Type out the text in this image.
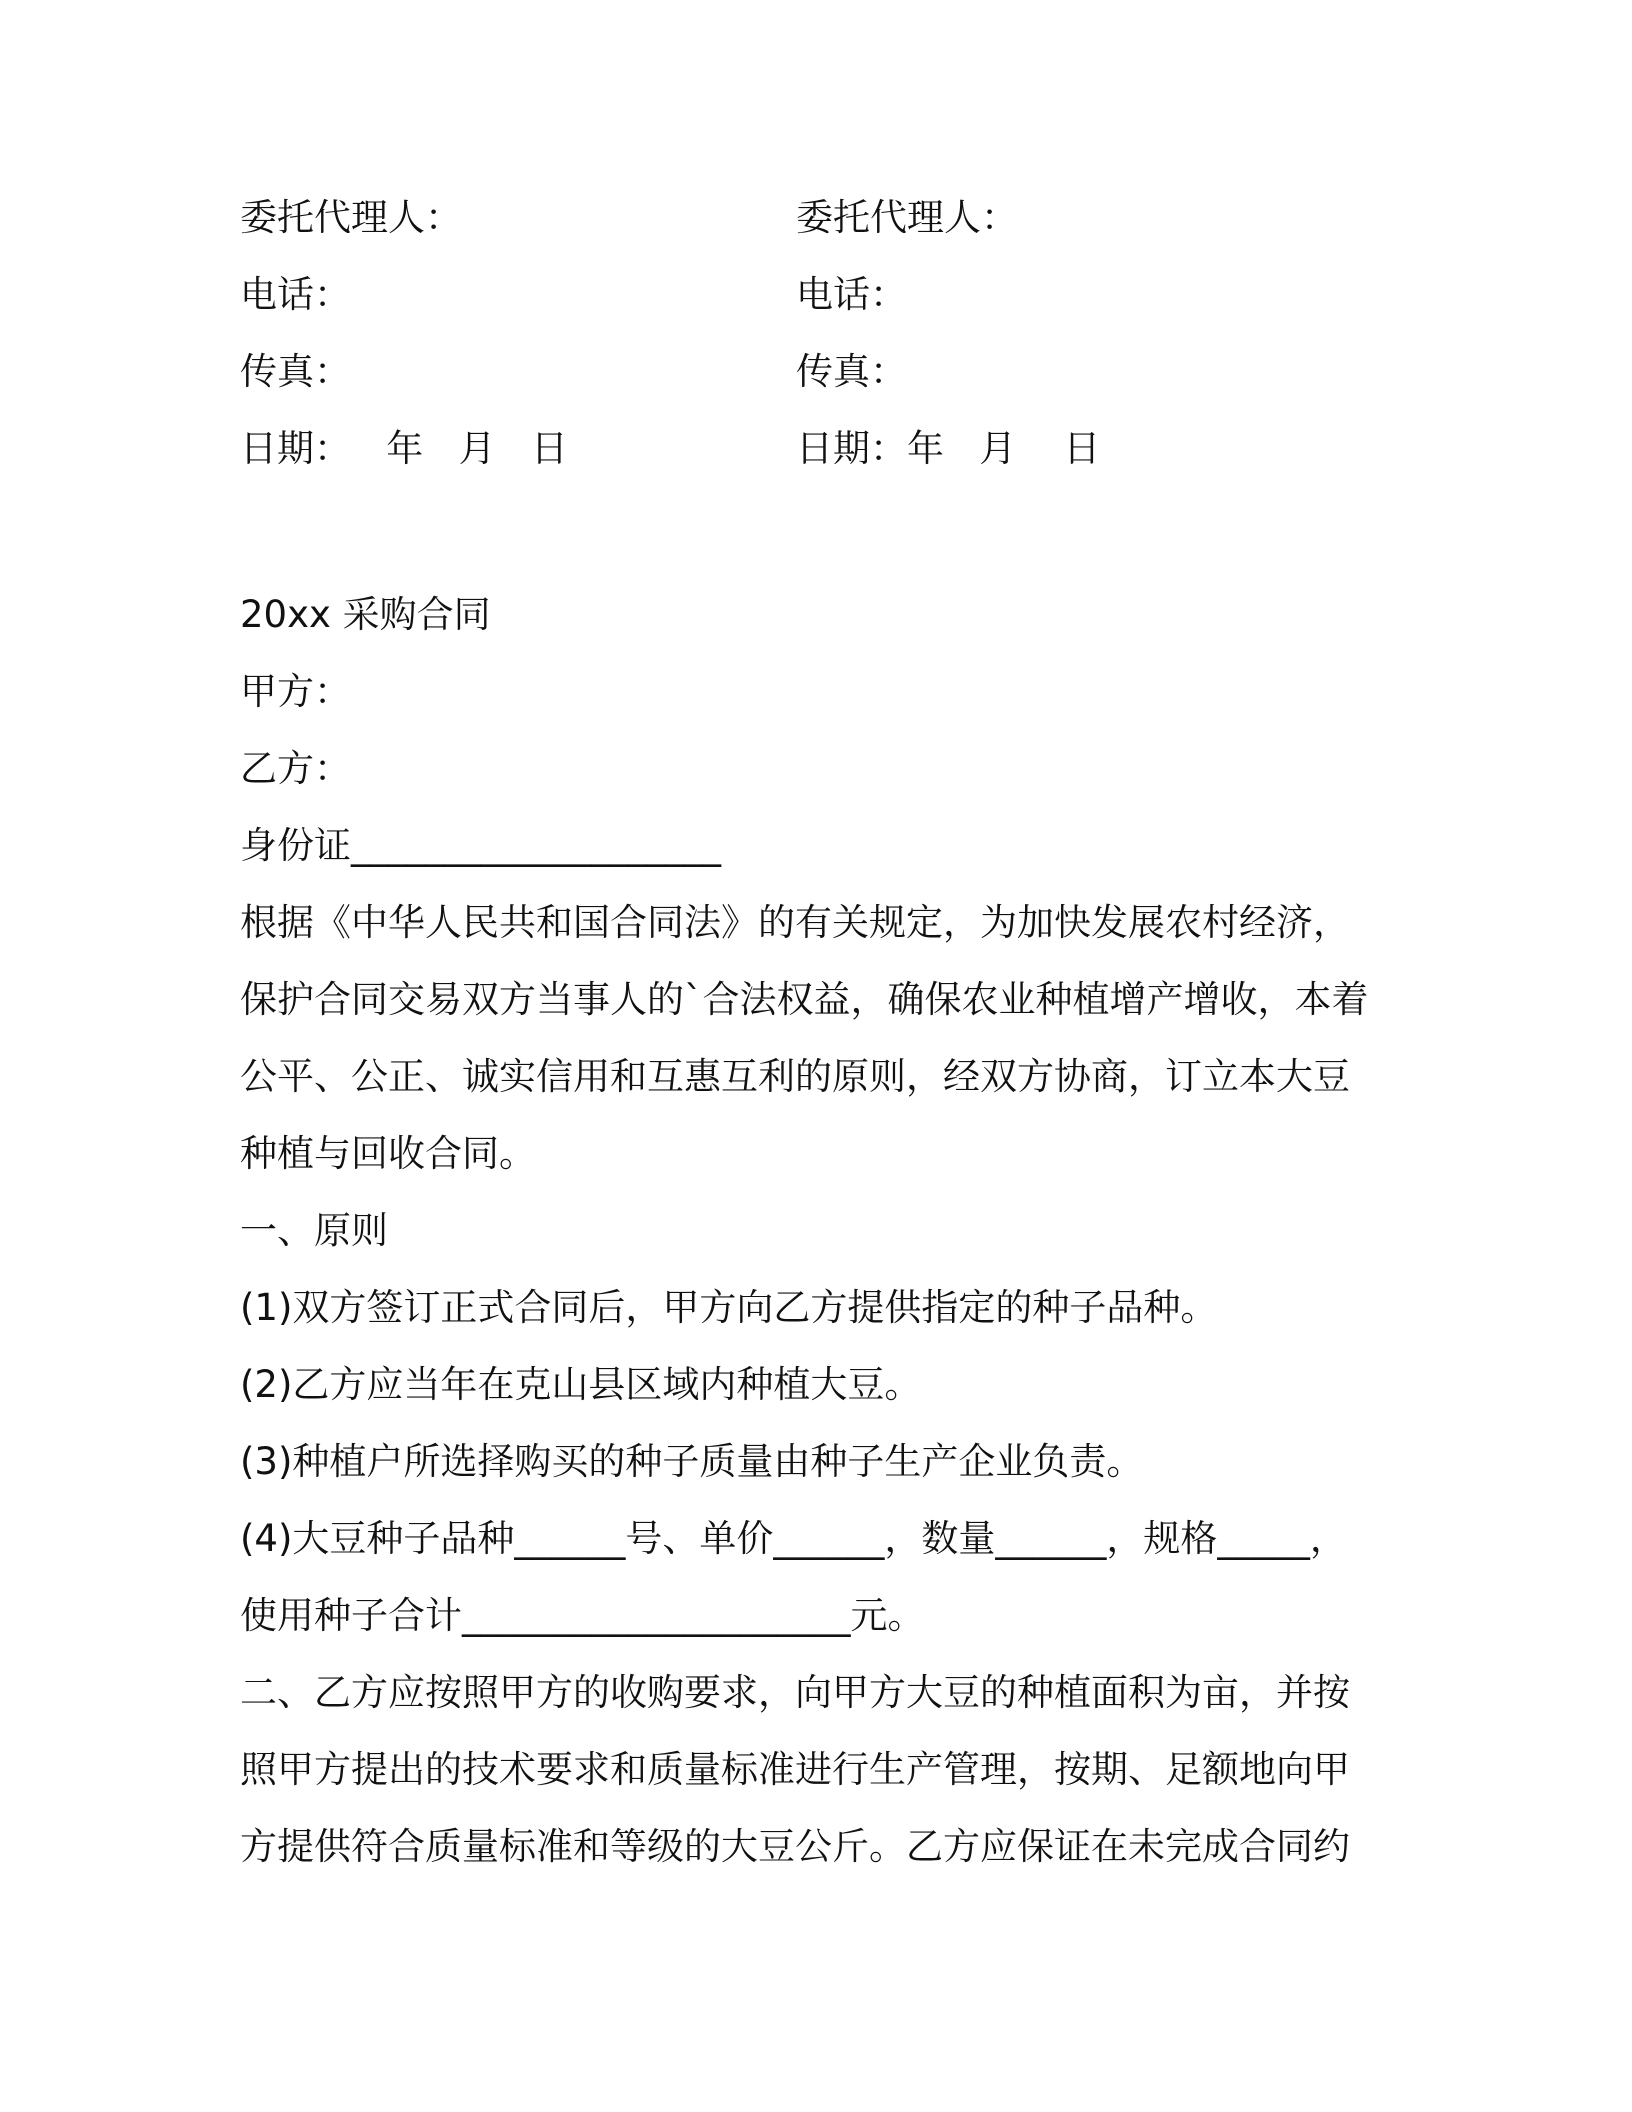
委托代理人：	委托代理人：
电话：	电话：
传真：	传真：
日期：   年   月   日	日期：年   月    日
20xx 采购合同
甲方：
乙方：
身份证____________________
根据《中华人民共和国合同法》的有关规定，为加快发展农村经济，
保护合同交易双方当事人的`合法权益，确保农业种植增产增收，本着
公平、公正、诚实信用和互惠互利的原则，经双方协商，订立本大豆
种植与回收合同。
一、原则
(1)双方签订正式合同后，甲方向乙方提供指定的种子品种。
(2)乙方应当年在克山县区域内种植大豆。
(3)种植户所选择购买的种子质量由种子生产企业负责。
(4)大豆种子品种______号、单价______，数量______，规格_____，
使用种子合计_____________________元。
二、乙方应按照甲方的收购要求，向甲方大豆的种植面积为亩，并按
照甲方提出的技术要求和质量标准进行生产管理，按期、足额地向甲
方提供符合质量标准和等级的大豆公斤。乙方应保证在未完成合同约
